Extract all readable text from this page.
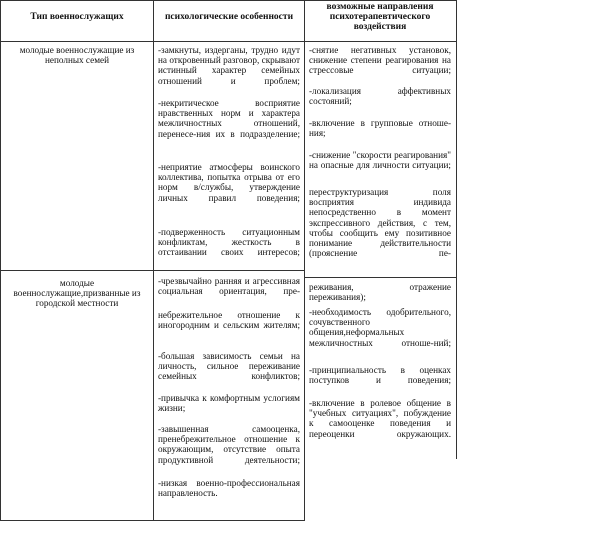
Тип военнослужащих	психологические особенности
возможные направления психотерапевтического воздействия
молодые военнослужащие из неполных семей

-замкнуты, издерганы, трудно идут на откровенный разговор, скрывают истинный характер семейных отношений и проблем;

-некритическое восприятие нравственных норм и характера межличностных отношений, перенесе-ния их в подразделение;

-неприятие атмосферы воинского коллектива, попытка отрыва от его норм в/службы, утверждение личных правил поведения;

-подверженность ситуационным конфликтам, жесткость в отстаивании своих интересов;

-снятие негативных установок, снижение степени реагирования на стрессовые ситуации;

-локализация аффективных состояний;

-включение в групповые отноше-ния;

-снижение "скорости реагирования" на опасные для личности ситуации;

переструктуризация поля восприятия индивида непосредственно в момент экспрессивного действия, с тем, чтобы сообщить ему позитивное понимание действительности (прояснение пе-

молодые военнослужащие,призванные из городской местности

-чрезвычайно ранняя и агрессивная социальная ориентация, пре-

небрежительное отношение к иногородним и сельским жителям;

-большая зависимость семьи на личность, сильное переживание семейных конфликтов;

-привычка к комфортным услогиям жизни;

-завышенная самооценка, пренебрежительное отношение к окружающим, отсутствие опыта продуктивной деятельности;

-низкая военно-профессиональная направленость.

реживания, отражение переживания);

-необходимость одобрительного, сочувственного общения,неформальных межличностных отноше-ний;

-принципиальность в оценках поступков и поведения;

-включение в ролевое общение в "учебных ситуациях", побуждение к самооценке поведения и переоценки окружающих.
